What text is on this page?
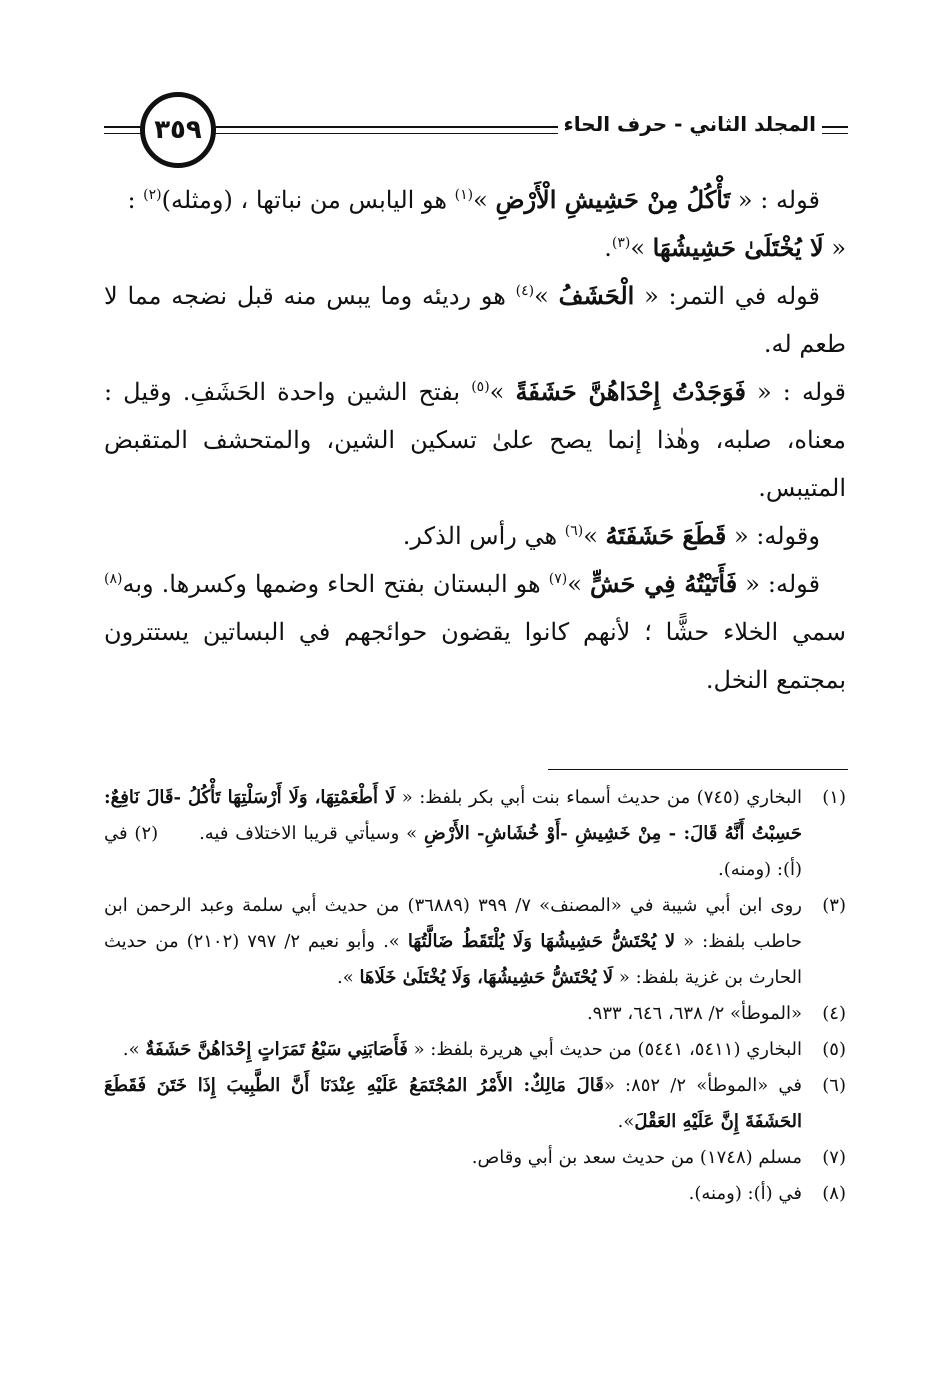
المجلد الثاني - حرف الحاء
٣٥٩

قوله : « تَأْكُلُ مِنْ حَشِيشِ الْأَرْضِ »$^{(١)}$ هو اليابس من نباتها ، (ومثله)$^{(٢)}$ :

« لَا يُخْتَلَىٰ حَشِيشُهَا »$^{(٣)}$.

قوله في التمر: « الْحَشَفُ »$^{(٤)}$ هو رديئه وما يبس منه قبل نضجه مما لا طعم له.

قوله : « فَوَجَدْتُ إِحْدَاهُنَّ حَشَفَةً »$^{(٥)}$ بفتح الشين واحدة الحَشَفِ. وقيل : معناه، صلبه، وهٰذا إنما يصح علىٰ تسكين الشين، والمتحشف المتقبض المتيبس.

وقوله: « قَطَعَ حَشَفَتَهُ »$^{(٦)}$ هي رأس الذكر.

قوله: « فَأَتَيْتُهُ فِي حَشٍّ »$^{(٧)}$ هو البستان بفتح الحاء وضمها وكسرها. وبه$^{(٨)}$ سمي الخلاء حشًّا ؛ لأنهم كانوا يقضون حوائجهم في البساتين يستترون بمجتمع النخل.

(١)
البخاري (٧٤٥) من حديث أسماء بنت أبي بكر بلفظ: « لَا أَطْعَمْتِهَا، وَلَا أَرْسَلْتِهَا تَأْكُلُ -قَالَ نَافِعٌ: حَسِبْتُ أَنَّهُ قَالَ: - مِنْ خَشِيشِ -أَوْ خُشَاشِ- الأَرْضِ » وسيأتي قريبا الاختلاف فيه.      (٢) في (أ): (ومنه).

(٣)
روى ابن أبي شيبة في «المصنف» ٧/ ٣٩٩ (٣٦٨٨٩) من حديث أبي سلمة وعبد الرحمن ابن حاطب بلفظ: « لا يُحْتَشُّ حَشِيشُهَا وَلَا يُلْتَقَطُ ضَالَّتُهَا ». وأبو نعيم ٢/ ٧٩٧ (٢١٠٢) من حديث الحارث بن غزية بلفظ: « لَا يُحْتَشُّ حَشِيشُهَا، وَلَا يُخْتَلَىٰ خَلَاهَا ».

(٤)
«الموطأ» ٢/ ٦٣٨، ٦٤٦، ٩٣٣.

(٥)
البخاري (٥٤١١، ٥٤٤١) من حديث أبي هريرة بلفظ: « فَأَصَابَنِي سَبْعُ تَمَرَاتٍ إِحْدَاهُنَّ حَشَفَةٌ ».

(٦)
في «الموطأ» ٢/ ٨٥٢: «قَالَ مَالِكٌ: الأَمْرُ المُجْتَمَعُ عَلَيْهِ عِنْدَنَا أَنَّ الطَّبِيبَ إِذَا خَتَنَ فَقَطَعَ الحَشَفَةَ إِنَّ عَلَيْهِ العَقْلَ».

(٧)
مسلم (١٧٤٨) من حديث سعد بن أبي وقاص.

(٨)
في (أ): (ومنه).
